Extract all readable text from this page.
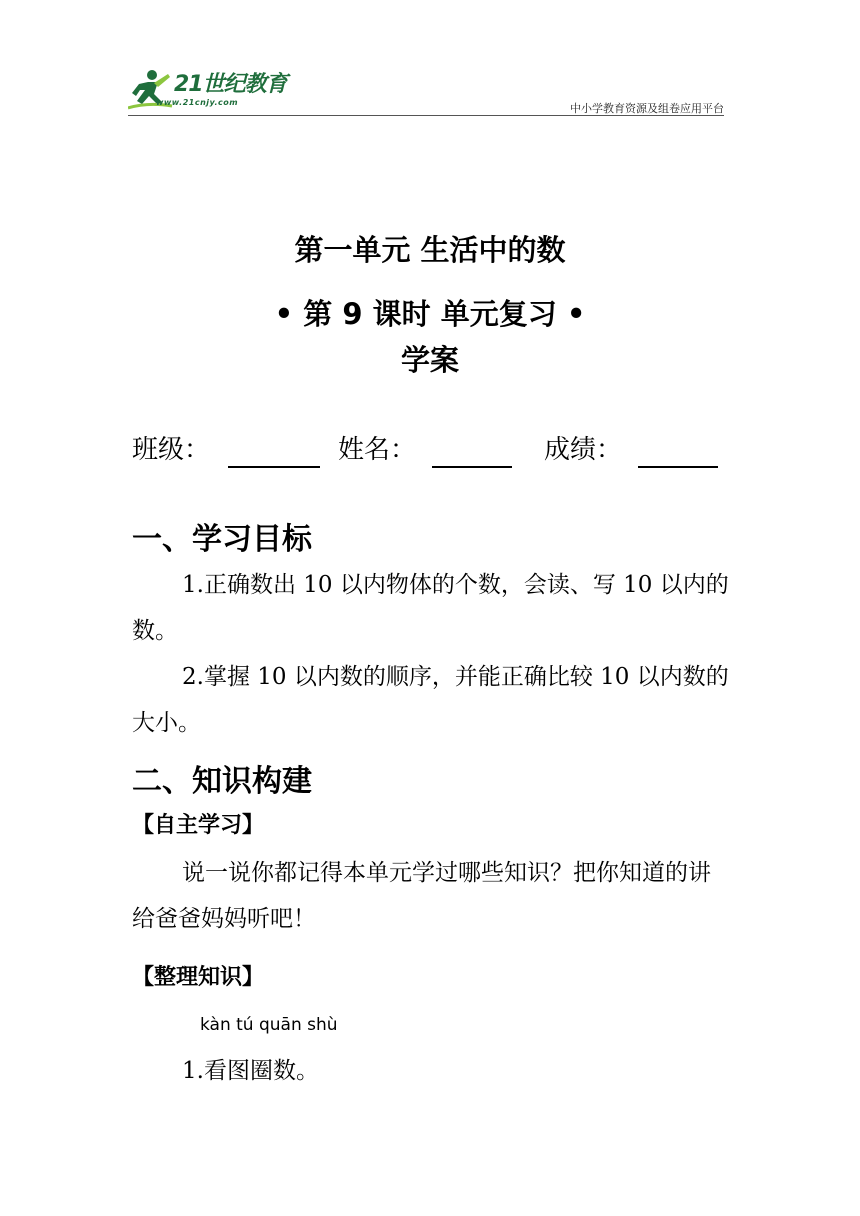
21世纪教育
www.21cnjy.com	中小学教育资源及组卷应用平台
第一单元 生活中的数
• 第 9 课时 单元复习 •
学案
班级：	姓名：	成绩：
一、学习目标
1.正确数出 10 以内物体的个数，会读、写 10 以内的数。
2.掌握 10 以内数的顺序，并能正确比较 10 以内数的大小。
二、知识构建
【自主学习】
说一说你都记得本单元学过哪些知识？把你知道的讲给爸爸妈妈听吧！
【整理知识】
kàn tú quān shù
1.看图圈数。
